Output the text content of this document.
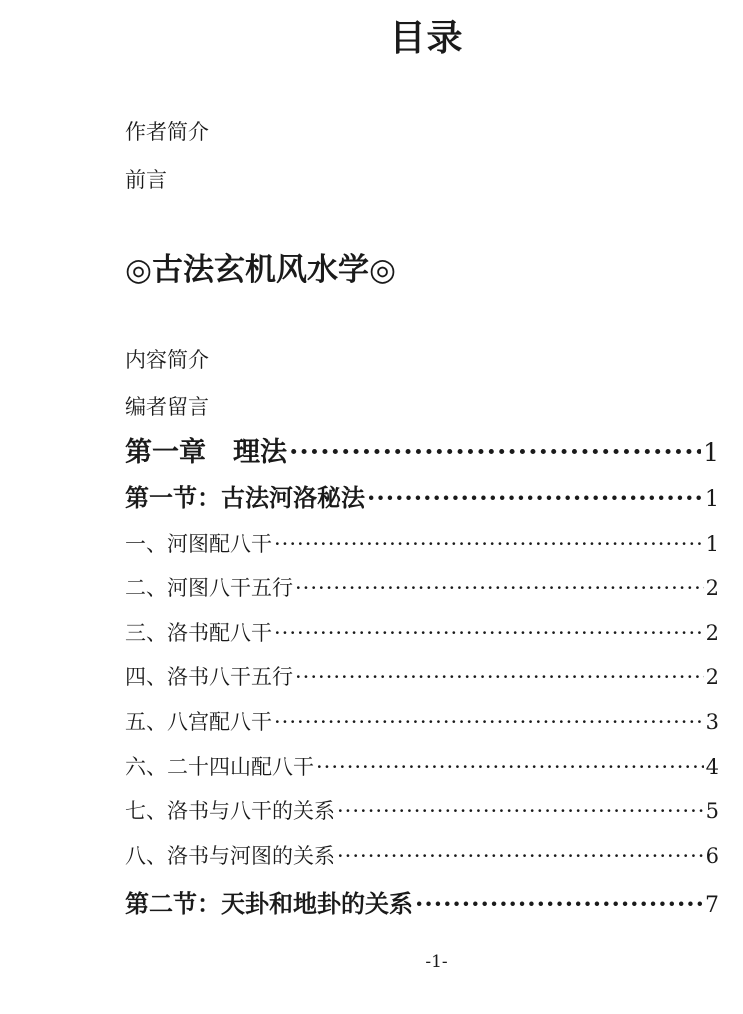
目录
作者简介
前言
◎古法玄机风水学◎
内容简介
编者留言
第一章　理法 ·····	1
第一节：古法河洛秘法 ·····	1
一、河图配八干 ·····	1
二、河图八干五行 ·····	2
三、洛书配八干 ·····	2
四、洛书八干五行 ·····	2
五、八宫配八干 ·····	3
六、二十四山配八干 ·····	4
七、洛书与八干的关系 ·····	5
八、洛书与河图的关系 ·····	6
第二节：天卦和地卦的关系 ·····	7
-1-
